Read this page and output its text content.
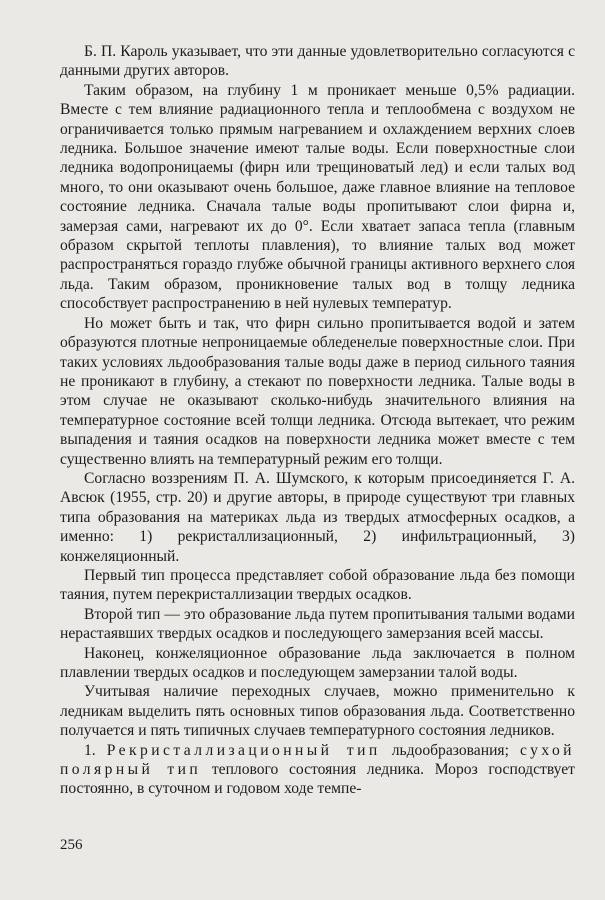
Б. П. Кароль указывает, что эти данные удовлетворительно согласуются с данными других авторов.

Таким образом, на глубину 1 м проникает меньше 0,5% радиации. Вместе с тем влияние радиационного тепла и теплообмена с воздухом не ограничивается только прямым нагреванием и охлаждением верхних слоев ледника. Большое значение имеют талые воды. Если поверхностные слои ледника водопроницаемы (фирн или трещиноватый лед) и если талых вод много, то они оказывают очень большое, даже главное влияние на тепловое состояние ледника. Сначала талые воды пропитывают слои фирна и, замерзая сами, нагревают их до 0°. Если хватает запаса тепла (главным образом скрытой теплоты плавления), то влияние талых вод может распространяться гораздо глубже обычной границы активного верхнего слоя льда. Таким образом, проникновение талых вод в толщу ледника способствует распространению в ней нулевых температур.

Но может быть и так, что фирн сильно пропитывается водой и затем образуются плотные непроницаемые обледенелые поверхностные слои. При таких условиях льдообразования талые воды даже в период сильного таяния не проникают в глубину, а стекают по поверхности ледника. Талые воды в этом случае не оказывают сколько-нибудь значительного влияния на температурное состояние всей толщи ледника. Отсюда вытекает, что режим выпадения и таяния осадков на поверхности ледника может вместе с тем существенно влиять на температурный режим его толщи.

Согласно воззрениям П. А. Шумского, к которым присоединяется Г. А. Авсюк (1955, стр. 20) и другие авторы, в природе существуют три главных типа образования на материках льда из твердых атмосферных осадков, а именно: 1) рекристаллизационный, 2) инфильтрационный, 3) конжеляционный.

Первый тип процесса представляет собой образование льда без помощи таяния, путем перекристаллизации твердых осадков.

Второй тип — это образование льда путем пропитывания талыми водами нерастаявших твердых осадков и последующего замерзания всей массы.

Наконец, конжеляционное образование льда заключается в полном плавлении твердых осадков и последующем замерзании талой воды.

Учитывая наличие переходных случаев, можно применительно к ледникам выделить пять основных типов образования льда. Соответственно получается и пять типичных случаев температурного состояния ледников.

1. Рекристаллизационный тип льдообразования; сухой полярный тип теплового состояния ледника. Мороз господствует постоянно, в суточном и годовом ходе темпе-

256
